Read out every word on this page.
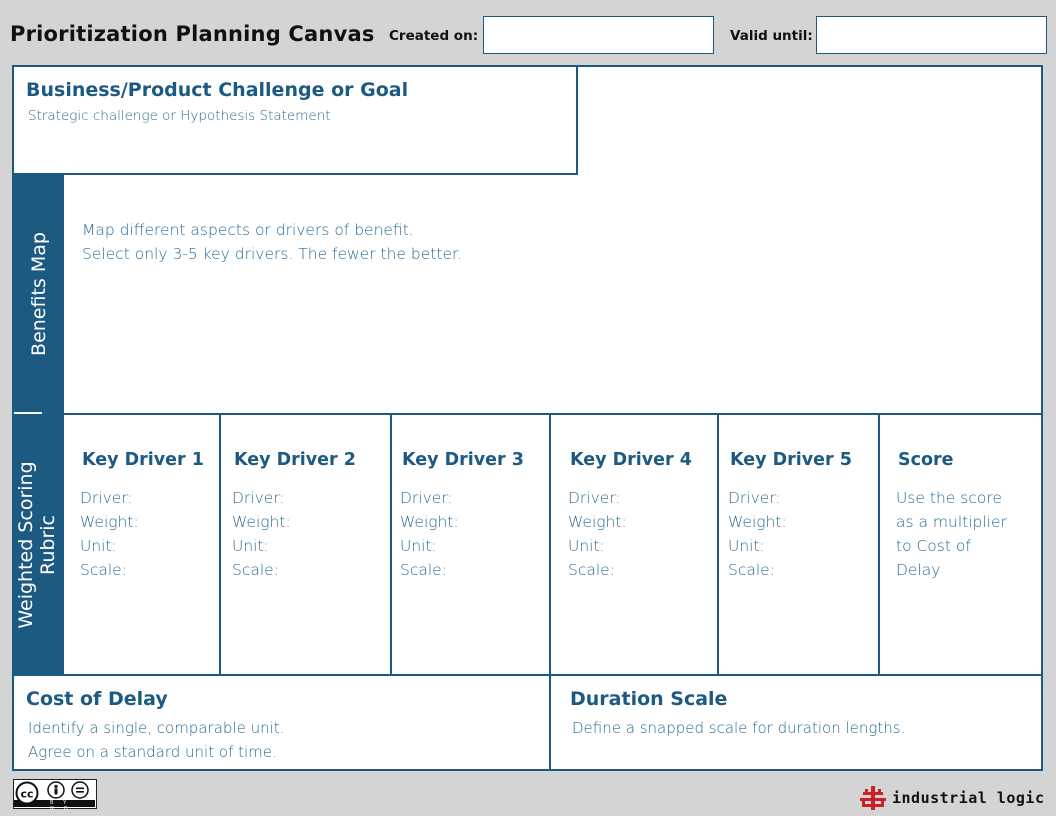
Prioritization Planning Canvas Created on:	Valid until:
Business/Product Challenge or Goal
Strategic challenge or Hypothesis Statement
Benefits Map
Map different aspects or drivers of benefit.
Select only 3-5 key drivers. The fewer the better.
Weighted Scoring Rubric
Key Driver 1
Driver:
Weight:
Unit:
Scale:
Key Driver 2
Driver:
Weight:
Unit:
Scale:
Key Driver 3
Driver:
Weight:
Unit:
Scale:
Key Driver 4
Driver:
Weight:
Unit:
Scale:
Key Driver 5
Driver:
Weight:
Unit:
Scale:
Score
Use the score
as a multiplier
to Cost of
Delay
Cost of Delay
Identify a single, comparable unit.
Agree on a standard unit of time.
Duration Scale
Define a snapped scale for duration lengths.
cc
BY ND
industrial logic
